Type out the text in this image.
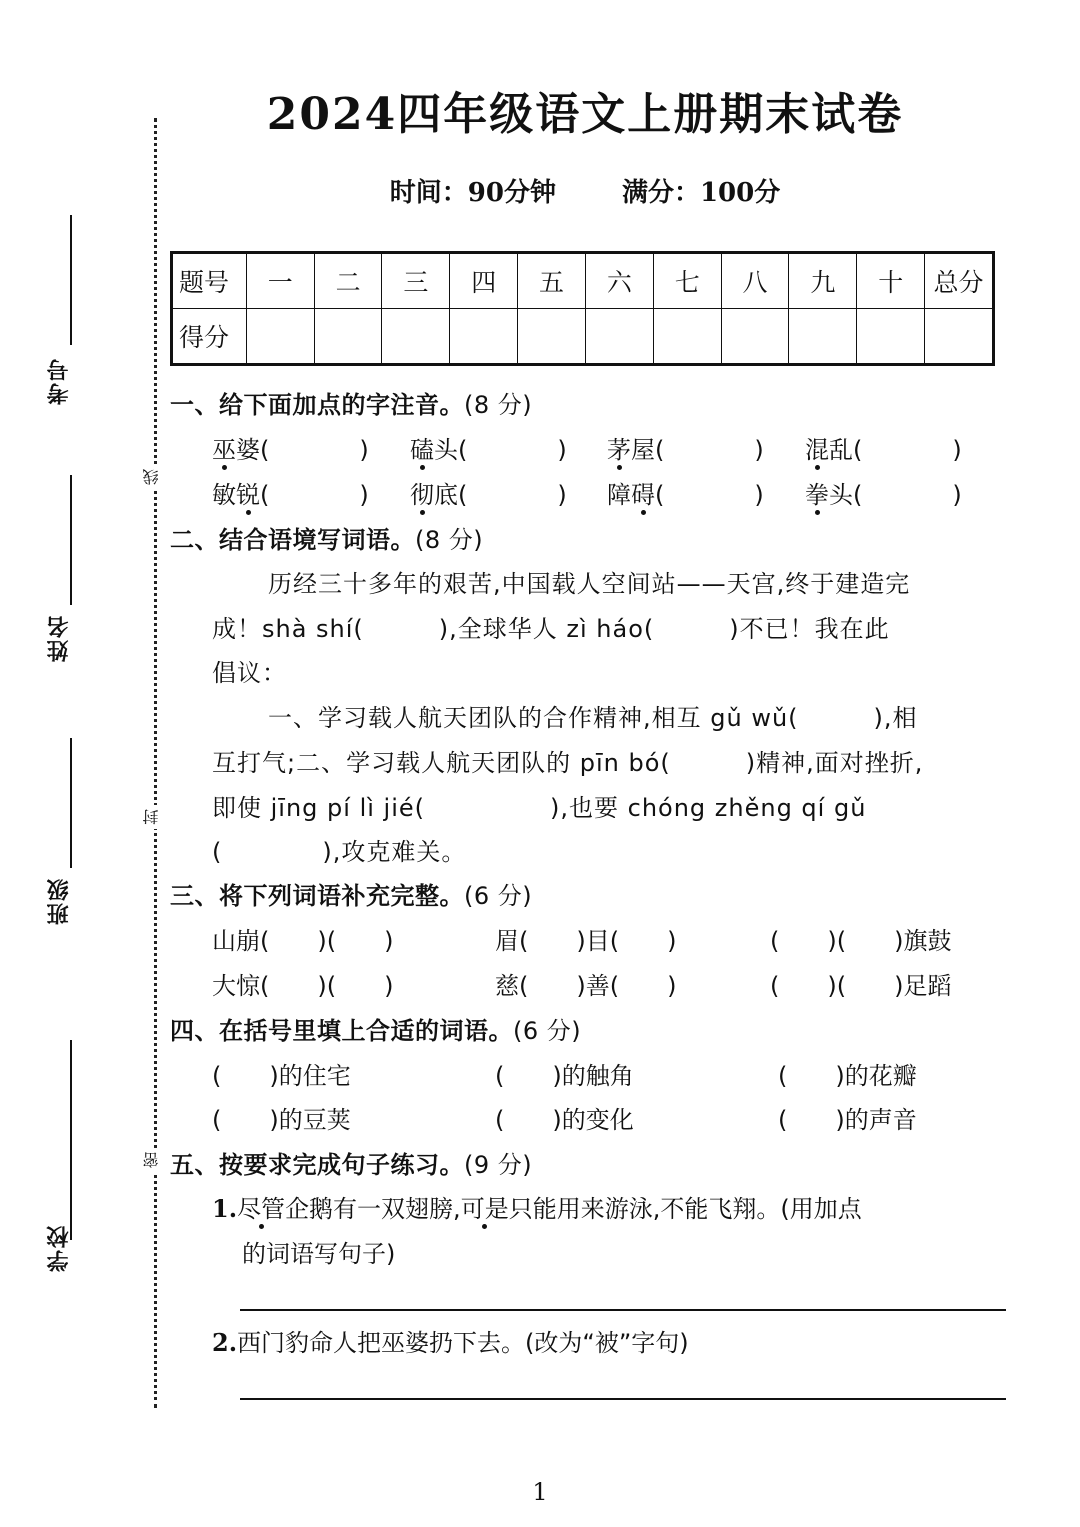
考号
姓名
班级
学校
线
封
密
2024四年级语文上册期末试卷
时间：90分钟	满分：100分
题号	一	二	三	四	五	六	七	八	九	十	总分
得分											
一、给下面加点的字注音。(8 分)
巫婆(	) 磕头(	) 茅屋(	) 混乱(	)
敏锐(	) 彻底(	) 障碍(	) 拳头(	)
二、结合语境写词语。(8 分)
历经三十多年的艰苦,中国载人空间站——天宫,终于建造完
成！shà shí(　　　),全球华人 zì háo(　　　)不已！我在此
倡议：
一、学习载人航天团队的合作精神,相互 gǔ wǔ(　　　),相
互打气;二、学习载人航天团队的 pīn bó(　　　)精神,面对挫折,
即使 jīng pí lì jié(　　　　　),也要 chóng zhěng qí gǔ
(　　　　),攻克难关。
三、将下列词语补充完整。(6 分)
山崩(　　)(　　)	眉(　　)目(　　)	(　　)(　　)旗鼓
大惊(　　)(　　)	慈(　　)善(　　)	(　　)(　　)足蹈
四、在括号里填上合适的词语。(6 分)
(　　)的住宅	(　　)的触角	(　　)的花瓣
(　　)的豆荚	(　　)的变化	(　　)的声音
五、按要求完成句子练习。(9 分)
1.尽管企鹅有一双翅膀,可是只能用来游泳,不能飞翔。(用加点
的词语写句子)
2.西门豹命人把巫婆扔下去。(改为“被”字句)
1
